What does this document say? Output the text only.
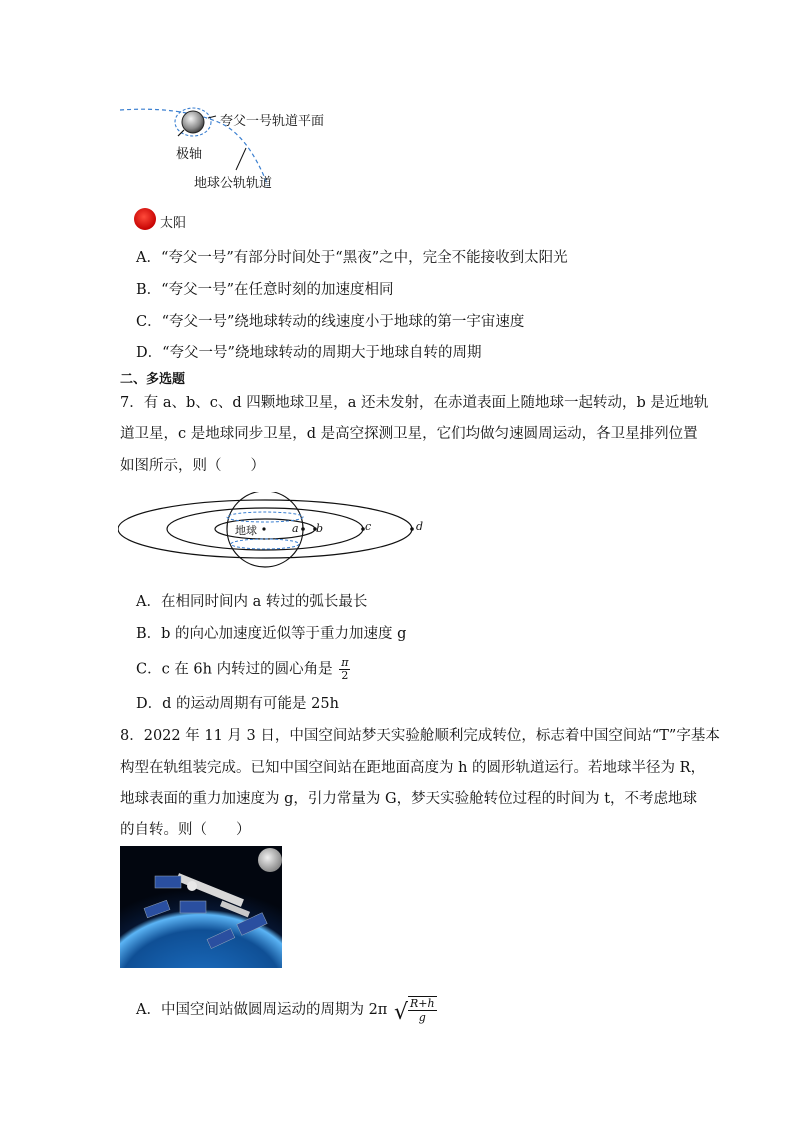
夸父一号轨道平面
极轴
地球公轨轨道
太阳
A．“夸父一号”有部分时间处于“黑夜”之中，完全不能接收到太阳光
B．“夸父一号”在任意时刻的加速度相同
C．“夸父一号”绕地球转动的线速度小于地球的第一宇宙速度
D．“夸父一号”绕地球转动的周期大于地球自转的周期
二、多选题
7．有 a、b、c、d 四颗地球卫星，a 还未发射，在赤道表面上随地球一起转动，b 是近地轨
道卫星，c 是地球同步卫星，d 是高空探测卫星，它们均做匀速圆周运动，各卫星排列位置
如图所示，则（　　）
地球	a b	c	d
A．在相同时间内 a 转过的弧长最长
B．b 的向心加速度近似等于重力加速度 g
C．c 在 6h 内转过的圆心角是 $\frac{\pi}{2}$
D．d 的运动周期有可能是 25h
8．2022 年 11 月 3 日，中国空间站梦天实验舱顺利完成转位，标志着中国空间站“T”字基本
构型在轨组装完成。已知中国空间站在距地面高度为 h 的圆形轨道运行。若地球半径为 R，
地球表面的重力加速度为 g，引力常量为 G，梦天实验舱转位过程的时间为 t，不考虑地球
的自转。则（　　）
A．中国空间站做圆周运动的周期为 2π √ $\frac{R+h}{g}$
